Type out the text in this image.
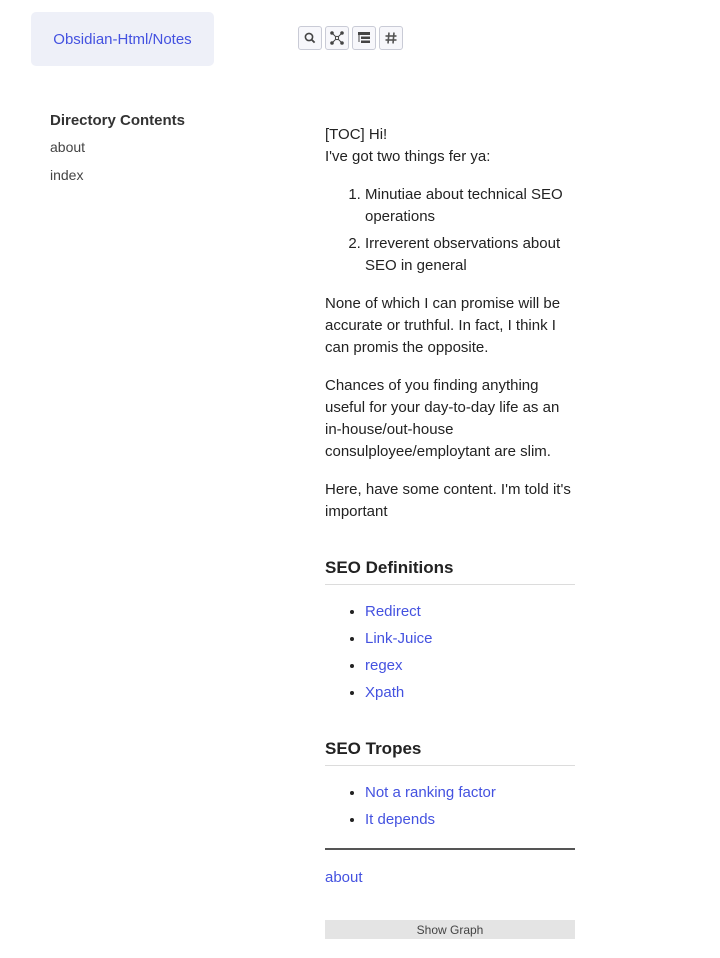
Obsidian-Html/Notes
Directory Contents
about
index

[TOC] Hi!
I've got two things fer ya:

1. Minutiae about technical SEO operations
2. Irreverent observations about SEO in general

None of which I can promise will be accurate or truthful. In fact, I think I can promis the opposite.

Chances of you finding anything useful for your day-to-day life as an in-house/out-house consulployee/employtant are slim.

Here, have some content. I'm told it's important

SEO Definitions
• Redirect
• Link-Juice
• regex
• Xpath
SEO Tropes
• Not a ranking factor
• It depends

about

Show Graph
